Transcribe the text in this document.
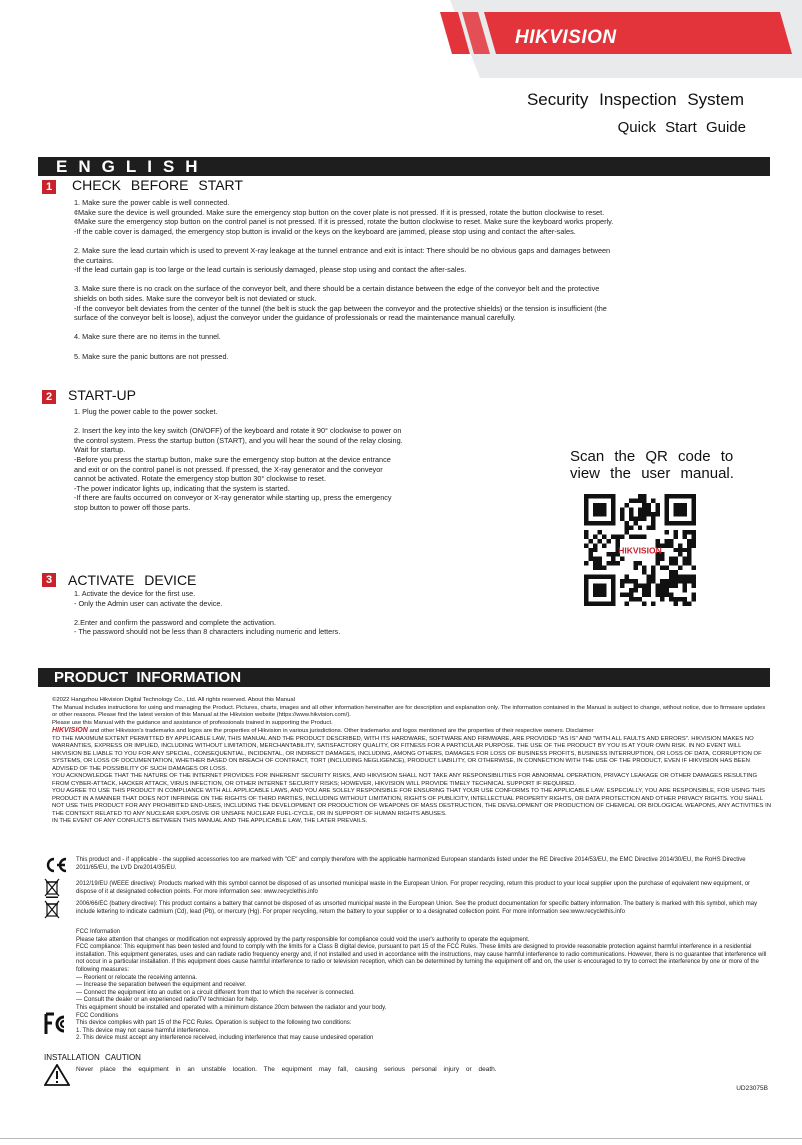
HIKVISION
Security Inspection System
Quick Start Guide
ENGLISH
1 CHECK BEFORE START

1. Make sure the power cable is well connected.

¢Make sure the device is well grounded. Make sure the emergency stop button on the cover plate is not pressed. If it is pressed, rotate the button clockwise to reset.

¢Make sure the emergency stop button on the control panel is not pressed. If it is pressed, rotate the button clockwise to reset. Make sure the keyboard works properly.

-If the cable cover is damaged, the emergency stop button is invalid or the keys on the keyboard are jammed, please stop using and contact the after-sales.

2. Make sure the lead curtain which is used to prevent X-ray leakage at the tunnel entrance and exit is intact: There should be no obvious gaps and damages between

the curtains.

-If the lead curtain gap is too large or the lead curtain is seriously damaged, please stop using and contact the after-sales.

3. Make sure there is no crack on the surface of the conveyor belt, and there should be a certain distance between the edge of the conveyor belt and the protective

shields on both sides. Make sure the conveyor belt is not deviated or stuck.

-If the conveyor belt deviates from the center of the tunnel (the belt is stuck the gap between the conveyor and the protective shields) or the tension is insufficient (the

surface of the conveyor belt is loose), adjust the conveyor under the guidance of professionals or read the maintenance manual carefully.

4. Make sure there are no items in the tunnel.

5. Make sure the panic buttons are not pressed.

2 START-UP

1. Plug the power cable to the power socket.

2. Insert the key into the key switch (ON/OFF) of the keyboard and rotate it 90° clockwise to power on

the control system. Press the startup button (START), and you will hear the sound of the relay closing.

Wait for startup.

-Before you press the startup button, make sure the emergency stop button at the device entrance

and exit or on the control panel is not pressed. If pressed, the X-ray generator and the conveyor

cannot be activated. Rotate the emergency stop button 30° clockwise to reset.

-The power indicator lights up, indicating that the system is started.

-If there are faults occurred on conveyor or X-ray generator while starting up, press the emergency

stop button to power off those parts.

Scan the QR code to
view the user manual.
HIKVISION
3 ACTIVATE DEVICE

1. Activate the device for the first use.

- Only the Admin user can activate the device.

2.Enter and confirm the password and complete the activation.

- The password should not be less than 8 characters including numeric and letters.

PRODUCT INFORMATION

©2022 Hangzhou Hikvision Digital Technology Co., Ltd. All rights reserved. About this Manual

The Manual includes instructions for using and managing the Product. Pictures, charts, images and all other information hereinafter are for description and explanation only. The information contained in the Manual is subject to change, without notice, due to firmware updates or other reasons. Please find the latest version of this Manual at the Hikvision website (https://www.hikvision.com/).

Please use this Manual with the guidance and assistance of professionals trained in supporting the Product.

HIKVISION and other Hikvision's trademarks and logos are the properties of Hikvision in various jurisdictions. Other trademarks and logos mentioned are the properties of their respective owners. Disclaimer

TO THE MAXIMUM EXTENT PERMITTED BY APPLICABLE LAW, THIS MANUAL AND THE PRODUCT DESCRIBED, WITH ITS HARDWARE, SOFTWARE AND FIRMWARE, ARE PROVIDED "AS IS" AND "WITH ALL FAULTS AND ERRORS". HIKVISION MAKES NO WARRANTIES, EXPRESS OR IMPLIED, INCLUDING WITHOUT LIMITATION, MERCHANTABILITY, SATISFACTORY QUALITY, OR FITNESS FOR A PARTICULAR PURPOSE. THE USE OF THE PRODUCT BY YOU IS AT YOUR OWN RISK. IN NO EVENT WILL HIKVISION BE LIABLE TO YOU FOR ANY SPECIAL, CONSEQUENTIAL, INCIDENTAL, OR INDIRECT DAMAGES, INCLUDING, AMONG OTHERS, DAMAGES FOR LOSS OF BUSINESS PROFITS, BUSINESS INTERRUPTION, OR LOSS OF DATA, CORRUPTION OF SYSTEMS, OR LOSS OF DOCUMENTATION, WHETHER BASED ON BREACH OF CONTRACT, TORT (INCLUDING NEGLIGENCE), PRODUCT LIABILITY, OR OTHERWISE, IN CONNECTION WITH THE USE OF THE PRODUCT, EVEN IF HIKVISION HAS BEEN ADVISED OF THE POSSIBILITY OF SUCH DAMAGES OR LOSS.

YOU ACKNOWLEDGE THAT THE NATURE OF THE INTERNET PROVIDES FOR INHERENT SECURITY RISKS, AND HIKVISION SHALL NOT TAKE ANY RESPONSIBILITIES FOR ABNORMAL OPERATION, PRIVACY LEAKAGE OR OTHER DAMAGES RESULTING FROM CYBER-ATTACK, HACKER ATTACK, VIRUS INFECTION, OR OTHER INTERNET SECURITY RISKS; HOWEVER, HIKVISION WILL PROVIDE TIMELY TECHNICAL SUPPORT IF REQUIRED.

YOU AGREE TO USE THIS PRODUCT IN COMPLIANCE WITH ALL APPLICABLE LAWS, AND YOU ARE SOLELY RESPONSIBLE FOR ENSURING THAT YOUR USE CONFORMS TO THE APPLICABLE LAW. ESPECIALLY, YOU ARE RESPONSIBLE, FOR USING THIS PRODUCT IN A MANNER THAT DOES NOT INFRINGE ON THE RIGHTS OF THIRD PARTIES, INCLUDING WITHOUT LIMITATION, RIGHTS OF PUBLICITY, INTELLECTUAL PROPERTY RIGHTS, OR DATA PROTECTION AND OTHER PRIVACY RIGHTS. YOU SHALL NOT USE THIS PRODUCT FOR ANY PROHIBITED END-USES, INCLUDING THE DEVELOPMENT OR PRODUCTION OF WEAPONS OF MASS DESTRUCTION, THE DEVELOPMENT OR PRODUCTION OF CHEMICAL OR BIOLOGICAL WEAPONS, ANY ACTIVITIES IN THE CONTEXT RELATED TO ANY NUCLEAR EXPLOSIVE OR UNSAFE NUCLEAR FUEL-CYCLE, OR IN SUPPORT OF HUMAN RIGHTS ABUSES.

IN THE EVENT OF ANY CONFLICTS BETWEEN THIS MANUAL AND THE APPLICABLE LAW, THE LATER PREVAILS.

This product and - if applicable - the supplied accessories too are marked with "CE" and comply therefore with the applicable harmonized European standards listed under the RE Directive 2014/53/EU, the EMC Directive 2014/30/EU, the RoHS Directive 2011/65/EU, the LVD Dre2014/35/EU.
2012/19/EU (WEEE directive): Products marked with this symbol cannot be disposed of as unsorted municipal waste in the European Union. For proper recycling, return this product to your local supplier upon the purchase of equivalent new equipment, or dispose of it at designated collection points. For more information see: www.recyclethis.info
2006/66/EC (battery directive): This product contains a battery that cannot be disposed of as unsorted municipal waste in the European Union. See the product documentation for specific battery information. The battery is marked with this symbol, which may include lettering to indicate cadmium (Cd), lead (Pb), or mercury (Hg). For proper recycling, return the battery to your supplier or to a designated collection point. For more information see:www.recyclethis.info

FCC Information

Please take attention that changes or modification not expressly approved by the party responsible for compliance could void the user's authority to operate the equipment.

FCC compliance: This equipment has been tested and found to comply with the limits for a Class B digital device, pursuant to part 15 of the FCC Rules. These limits are designed to provide reasonable protection against harmful interference in a residential installation. This equipment generates, uses and can radiate radio frequency energy and, if not installed and used in accordance with the instructions, may cause harmful interference to radio communications. However, there is no guarantee that interference will not occur in a particular installation. If this equipment does cause harmful interference to radio or television reception, which can be determined by turning the equipment off and on, the user is encouraged to try to correct the interference by one or more of the following measures:

— Reorient or relocate the receiving antenna.

— Increase the separation between the equipment and receiver.

— Connect the equipment into an outlet on a circuit different from that to which the receiver is connected.

— Consult the dealer or an experienced radio/TV technician for help.

This equipment should be installed and operated with a minimum distance 20cm between the radiator and your body.

FCC Conditions

This device complies with part 15 of the FCC Rules. Operation is subject to the following two conditions:

1. This device may not cause harmful interference.

2. This device must accept any interference received, including interference that may cause undesired operation

INSTALLATION CAUTION
Never place the equipment in an unstable location. The equipment may fall, causing serious personal injury or death.
UD23075B
